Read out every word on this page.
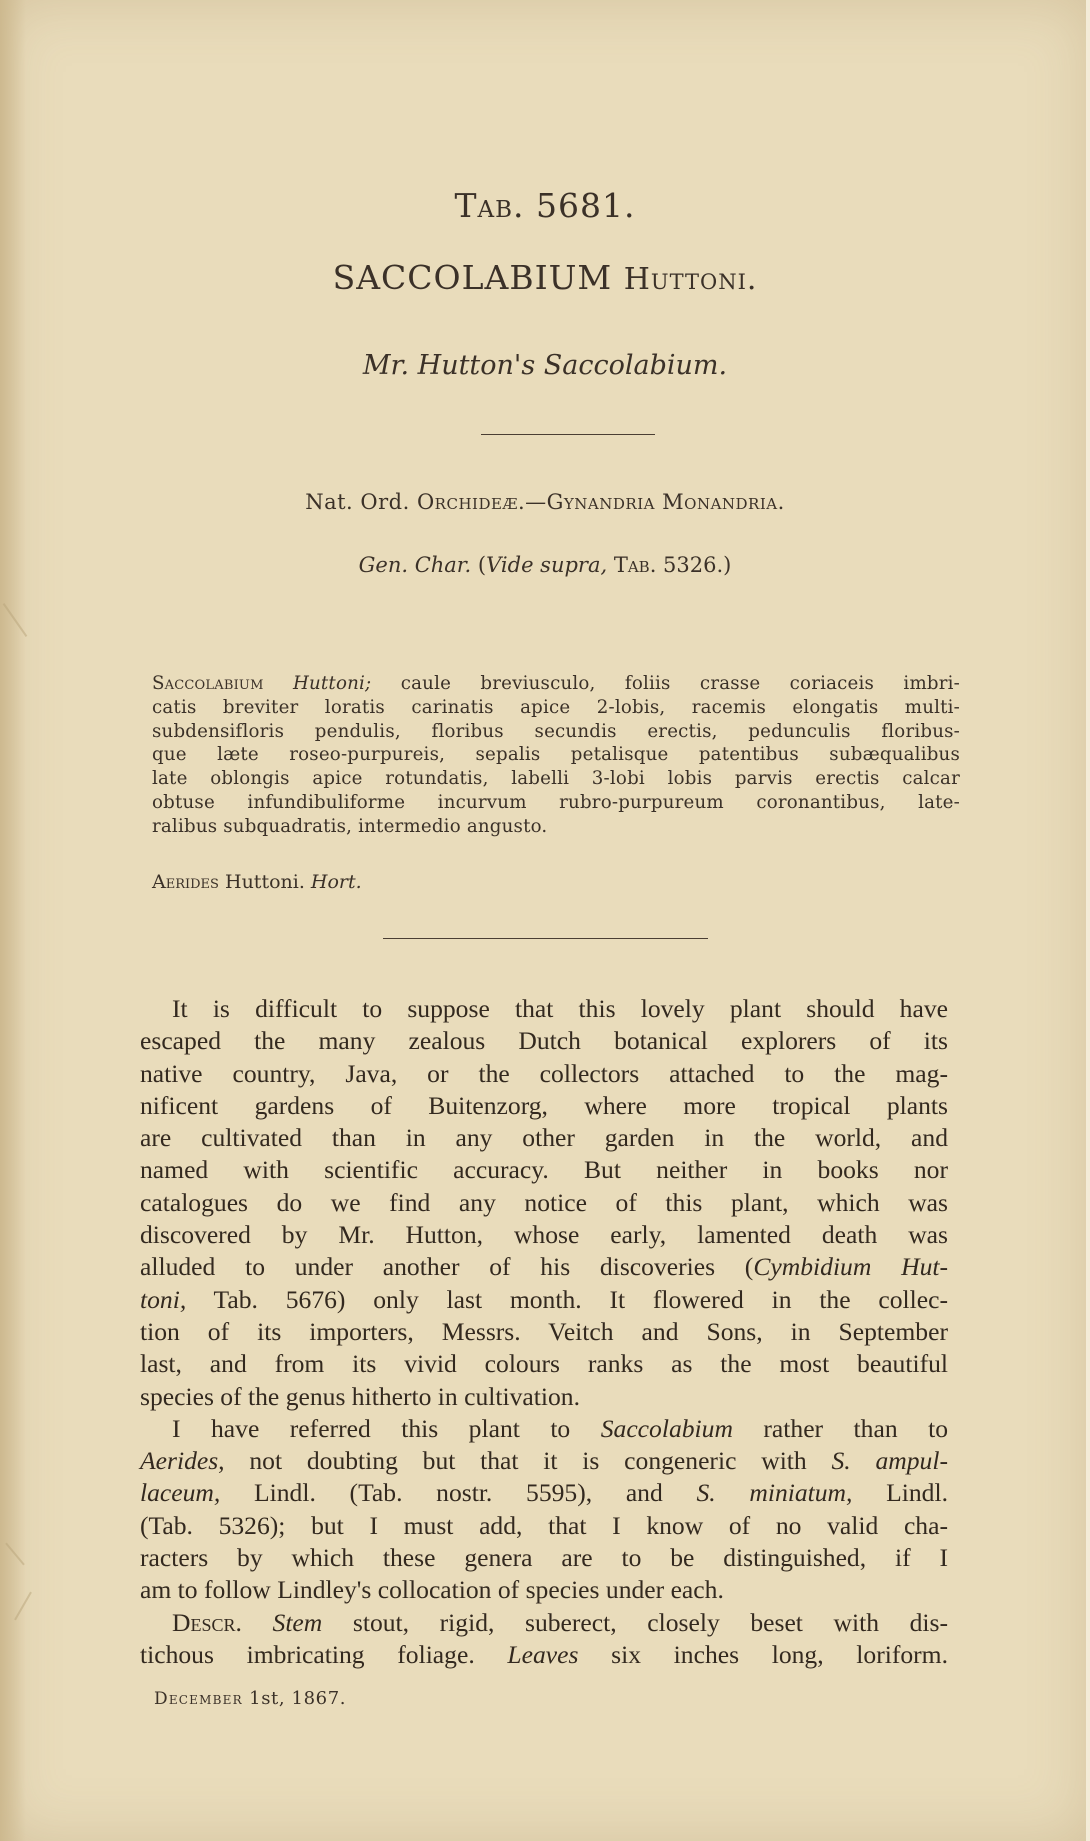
Tab. 5681.
SACCOLABIUM Huttoni.
Mr. Hutton's Saccolabium.
Nat. Ord. Orchideæ.—Gynandria Monandria.
Gen. Char. (Vide supra, Tab. 5326.)
Saccolabium Huttoni; caule breviusculo, foliis crasse coriaceis imbri-
catis breviter loratis carinatis apice 2-lobis, racemis elongatis multi-
subdensifloris pendulis, floribus secundis erectis, pedunculis floribus-
que læte roseo-purpureis, sepalis petalisque patentibus subæqualibus
late oblongis apice rotundatis, labelli 3-lobi lobis parvis erectis calcar
obtuse infundibuliforme incurvum rubro-purpureum coronantibus, late-
ralibus subquadratis, intermedio angusto.
Aerides Huttoni. Hort.
It is difficult to suppose that this lovely plant should have
escaped the many zealous Dutch botanical explorers of its
native country, Java, or the collectors attached to the mag-
nificent gardens of Buitenzorg, where more tropical plants
are cultivated than in any other garden in the world, and
named with scientific accuracy. But neither in books nor
catalogues do we find any notice of this plant, which was
discovered by Mr. Hutton, whose early, lamented death was
alluded to under another of his discoveries (Cymbidium Hut-
toni, Tab. 5676) only last month. It flowered in the collec-
tion of its importers, Messrs. Veitch and Sons, in September
last, and from its vivid colours ranks as the most beautiful
species of the genus hitherto in cultivation.
I have referred this plant to Saccolabium rather than to
Aerides, not doubting but that it is congeneric with S. ampul-
laceum, Lindl. (Tab. nostr. 5595), and S. miniatum, Lindl.
(Tab. 5326); but I must add, that I know of no valid cha-
racters by which these genera are to be distinguished, if I
am to follow Lindley's collocation of species under each.
Descr. Stem stout, rigid, suberect, closely beset with dis-
tichous imbricating foliage. Leaves six inches long, loriform.
December 1st, 1867.
